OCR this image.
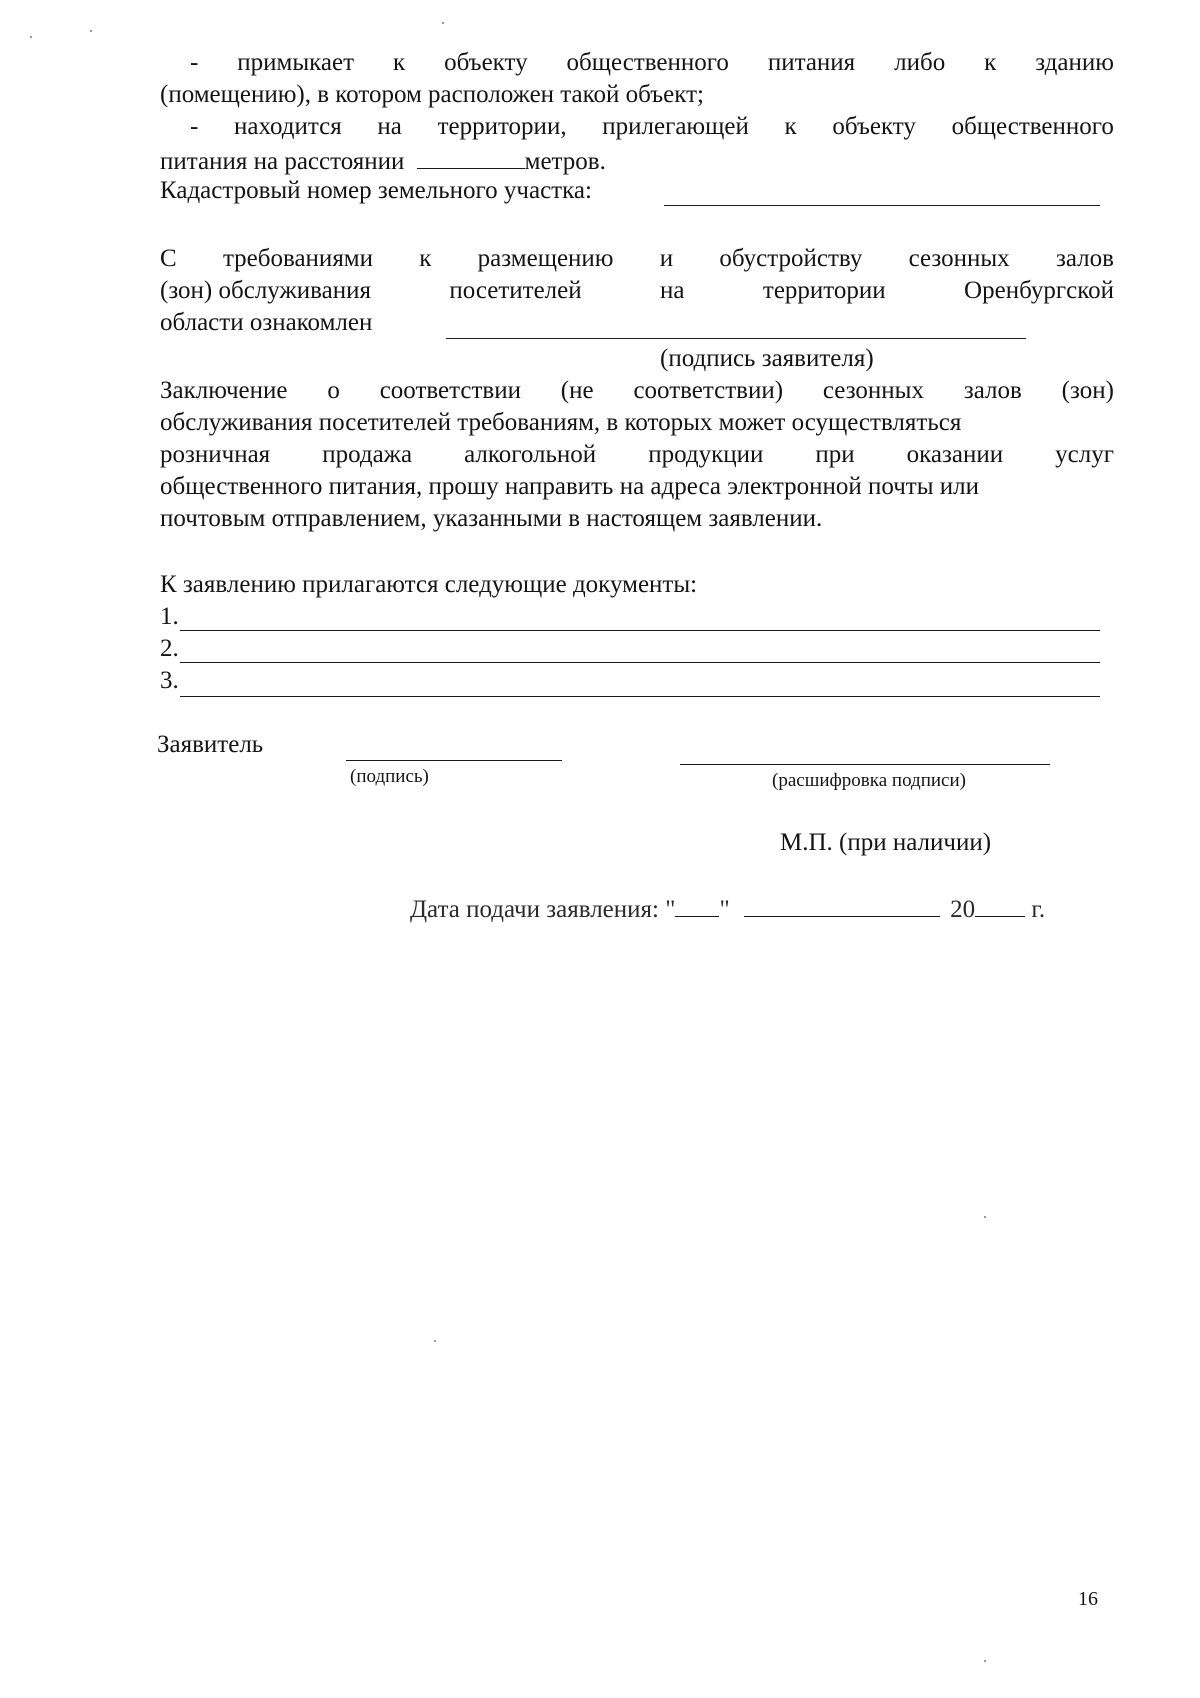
- примыкает к объекту общественного питания либо к зданию
(помещению), в котором расположен такой объект;
- находится на территории, прилегающей к объекту общественного
питания на расстоянии	метров.
Кадастровый номер земельного участка:
С требованиями к размещению и обустройству сезонных залов
(зон) обслуживания	посетителей	на	территории	Оренбургской
области ознакомлен
(подпись заявителя)
Заключение о соответствии (не соответствии) сезонных залов (зон)
обслуживания посетителей требованиям, в которых может осуществляться
розничная продажа алкогольной продукции при оказании услуг
общественного питания, прошу направить на адреса электронной почты или
почтовым отправлением, указанными в настоящем заявлении.
К заявлению прилагаются следующие документы:
1.
2.
3.
Заявитель
(подпись)	(расшифровка подписи)
М.П. (при наличии)
Дата подачи заявления: " "	20 г.
16
